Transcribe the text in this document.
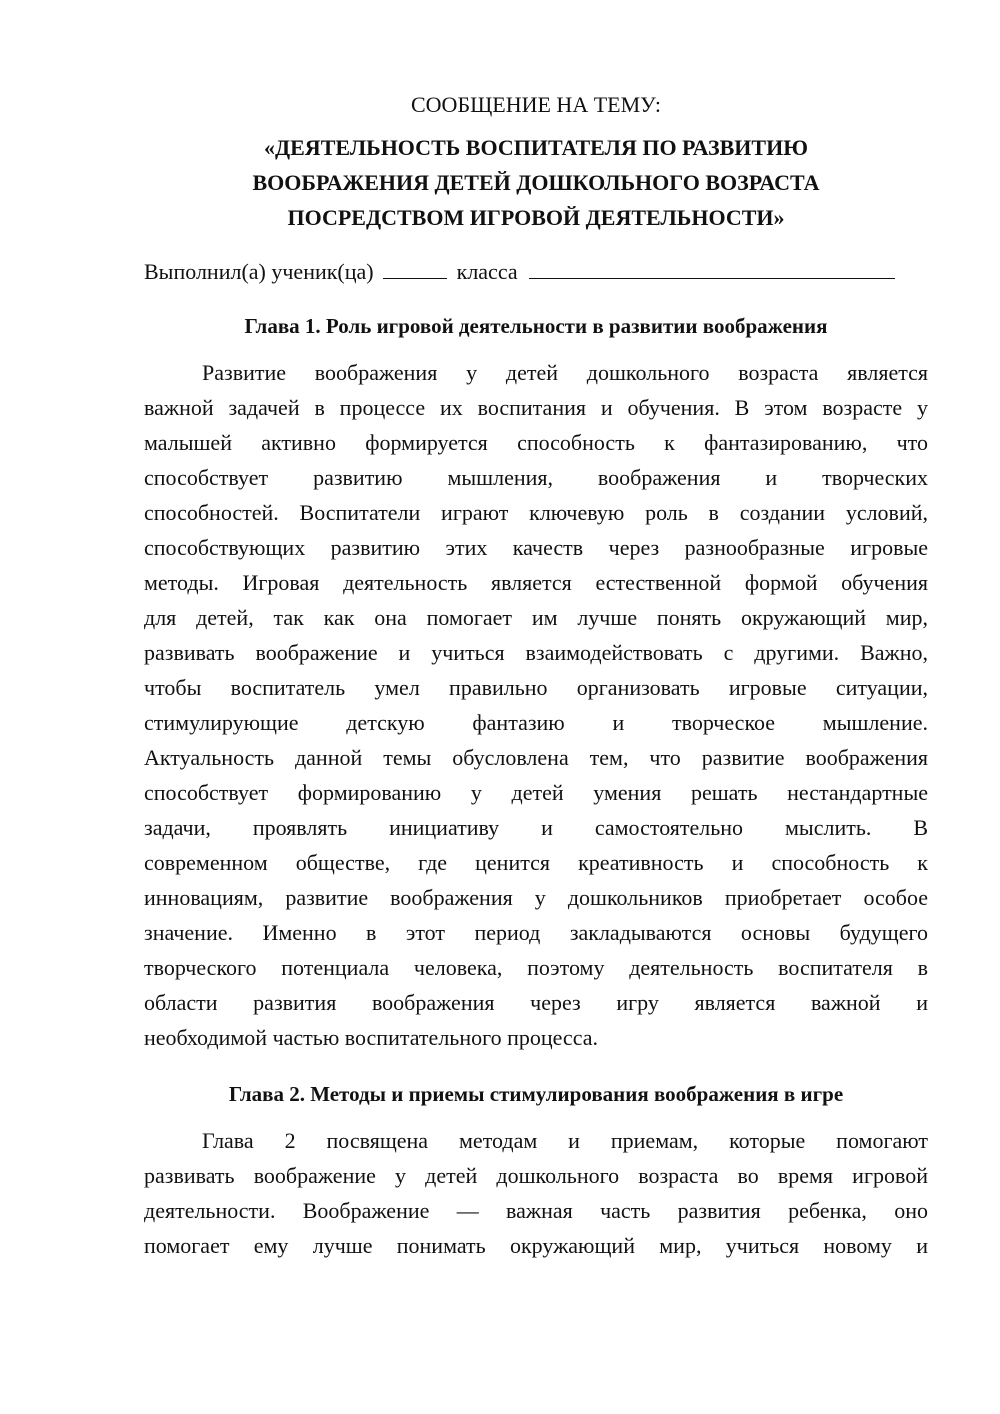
СООБЩЕНИЕ НА ТЕМУ:

«ДЕЯТЕЛЬНОСТЬ ВОСПИТАТЕЛЯ ПО РАЗВИТИЮ
ВООБРАЖЕНИЯ ДЕТЕЙ ДОШКОЛЬНОГО ВОЗРАСТА
ПОСРЕДСТВОМ ИГРОВОЙ ДЕЯТЕЛЬНОСТИ»

Выполнил(а) ученик(ца)	класса
Глава 1. Роль игровой деятельности в развитии воображения
Развитие воображения у детей дошкольного возраста является
важной задачей в процессе их воспитания и обучения. В этом возрасте у
малышей активно формируется способность к фантазированию, что
способствует развитию мышления, воображения и творческих
способностей. Воспитатели играют ключевую роль в создании условий,
способствующих развитию этих качеств через разнообразные игровые
методы. Игровая деятельность является естественной формой обучения
для детей, так как она помогает им лучше понять окружающий мир,
развивать воображение и учиться взаимодействовать с другими. Важно,
чтобы воспитатель умел правильно организовать игровые ситуации,
стимулирующие детскую фантазию и творческое мышление.
Актуальность данной темы обусловлена тем, что развитие воображения
способствует формированию у детей умения решать нестандартные
задачи, проявлять инициативу и самостоятельно мыслить. В
современном обществе, где ценится креативность и способность к
инновациям, развитие воображения у дошкольников приобретает особое
значение. Именно в этот период закладываются основы будущего
творческого потенциала человека, поэтому деятельность воспитателя в
области развития воображения через игру является важной и
необходимой частью воспитательного процесса.
Глава 2. Методы и приемы стимулирования воображения в игре
Глава 2 посвящена методам и приемам, которые помогают
развивать воображение у детей дошкольного возраста во время игровой
деятельности. Воображение — важная часть развития ребенка, оно
помогает ему лучше понимать окружающий мир, учиться новому и
